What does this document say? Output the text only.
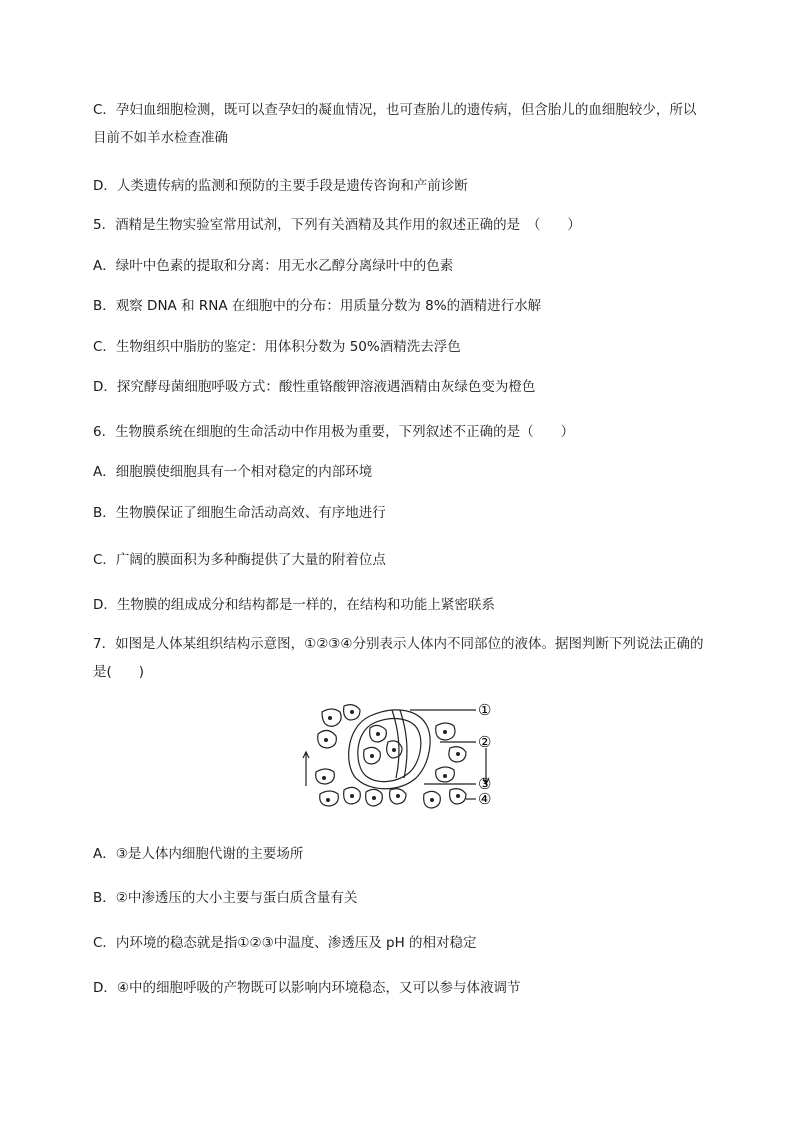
C．孕妇血细胞检测，既可以查孕妇的凝血情况，也可查胎儿的遗传病，但含胎儿的血细胞较少，所以目前不如羊水检查准确
D．人类遗传病的监测和预防的主要手段是遗传咨询和产前诊断
5．酒精是生物实验室常用试剂，下列有关酒精及其作用的叙述正确的是　（　　）
A．绿叶中色素的提取和分离：用无水乙醇分离绿叶中的色素
B．观察 DNA 和 RNA 在细胞中的分布：用质量分数为 8%的酒精进行水解
C．生物组织中脂肪的鉴定：用体积分数为 50%酒精洗去浮色
D．探究酵母菌细胞呼吸方式：酸性重铬酸钾溶液遇酒精由灰绿色变为橙色
6．生物膜系统在细胞的生命活动中作用极为重要，下列叙述不正确的是（　　）
A．细胞膜使细胞具有一个相对稳定的内部环境
B．生物膜保证了细胞生命活动高效、有序地进行
C．广阔的膜面积为多种酶提供了大量的附着位点
D．生物膜的组成成分和结构都是一样的，在结构和功能上紧密联系
7．如图是人体某组织结构示意图，①②③④分别表示人体内不同部位的液体。据图判断下列说法正确的是(　　)
①
②
③
④
A．③是人体内细胞代谢的主要场所
B．②中渗透压的大小主要与蛋白质含量有关
C．内环境的稳态就是指①②③中温度、渗透压及 pH 的相对稳定
D．④中的细胞呼吸的产物既可以影响内环境稳态，又可以参与体液调节
